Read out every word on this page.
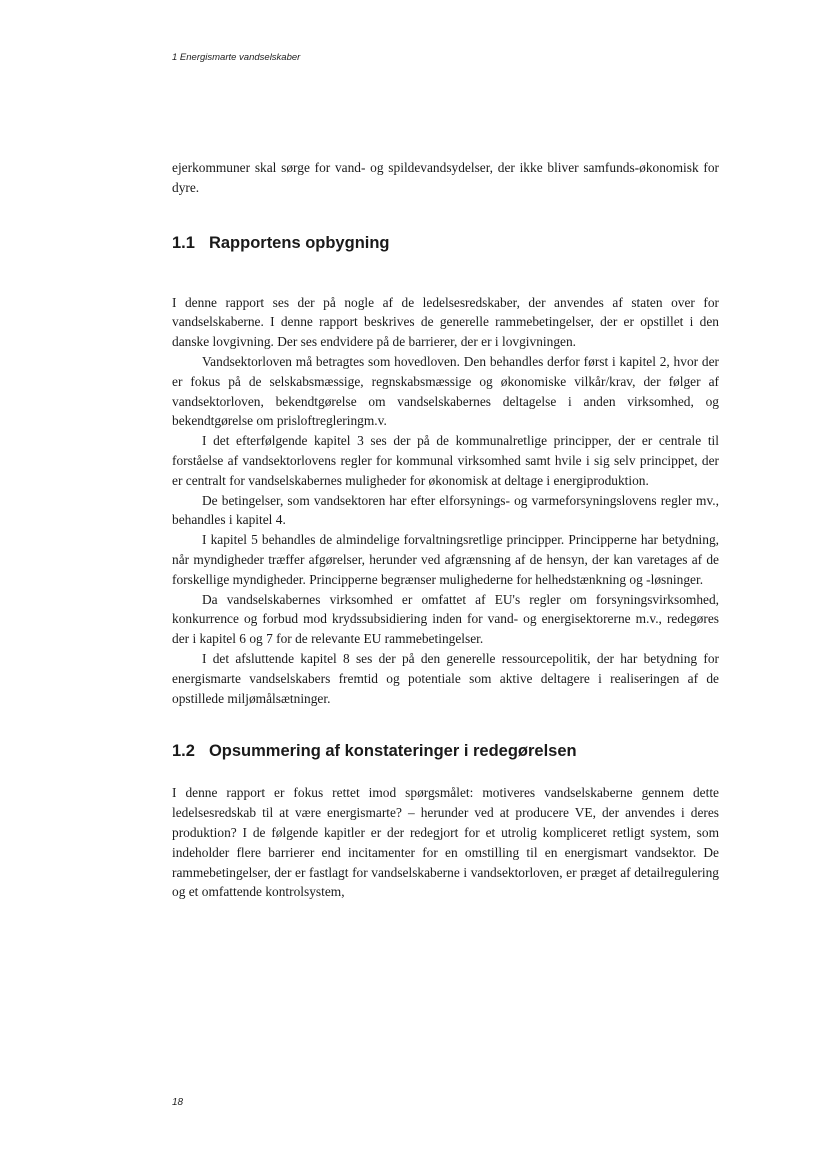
1 Energismarte vandselskaber

ejerkommuner skal sørge for vand- og spildevandsydelser, der ikke bliver samfunds-økonomisk for dyre.

1.1 Rapportens opbygning

I denne rapport ses der på nogle af de ledelsesredskaber, der anvendes af staten over for vandselskaberne. I denne rapport beskrives de generelle rammebetingelser, der er opstillet i den danske lovgivning. Der ses endvidere på de barrierer, der er i lovgivningen.

Vandsektorloven må betragtes som hovedloven. Den behandles derfor først i kapitel 2, hvor der er fokus på de selskabsmæssige, regnskabsmæssige og økonomiske vilkår/krav, der følger af vandsektorloven, bekendtgørelse om vandselskabernes deltagelse i anden virksomhed, og bekendtgørelse om prisloftregleringm.v.

I det efterfølgende kapitel 3 ses der på de kommunalretlige principper, der er centrale til forståelse af vandsektorlovens regler for kommunal virksomhed samt hvile i sig selv princippet, der er centralt for vandselskabernes muligheder for økonomisk at deltage i energiproduktion.

De betingelser, som vandsektoren har efter elforsynings- og varmeforsyningslovens regler mv., behandles i kapitel 4.

I kapitel 5 behandles de almindelige forvaltningsretlige principper. Principperne har betydning, når myndigheder træffer afgørelser, herunder ved afgrænsning af de hensyn, der kan varetages af de forskellige myndigheder. Principperne begrænser mulighederne for helhedstænkning og -løsninger.

Da vandselskabernes virksomhed er omfattet af EU's regler om forsyningsvirksomhed, konkurrence og forbud mod krydssubsidiering inden for vand- og energisektorerne m.v., redegøres der i kapitel 6 og 7 for de relevante EU rammebetingelser.

I det afsluttende kapitel 8 ses der på den generelle ressourcepolitik, der har betydning for energismarte vandselskabers fremtid og potentiale som aktive deltagere i realiseringen af de opstillede miljømålsætninger.

1.2 Opsummering af konstateringer i redegørelsen

I denne rapport er fokus rettet imod spørgsmålet: motiveres vandselskaberne gennem dette ledelsesredskab til at være energismarte? – herunder ved at producere VE, der anvendes i deres produktion? I de følgende kapitler er der redegjort for et utrolig kompliceret retligt system, som indeholder flere barrierer end incitamenter for en omstilling til en energismart vandsektor. De rammebetingelser, der er fastlagt for vandselskaberne i vandsektorloven, er præget af detailregulering og et omfattende kontrolsystem,

18
